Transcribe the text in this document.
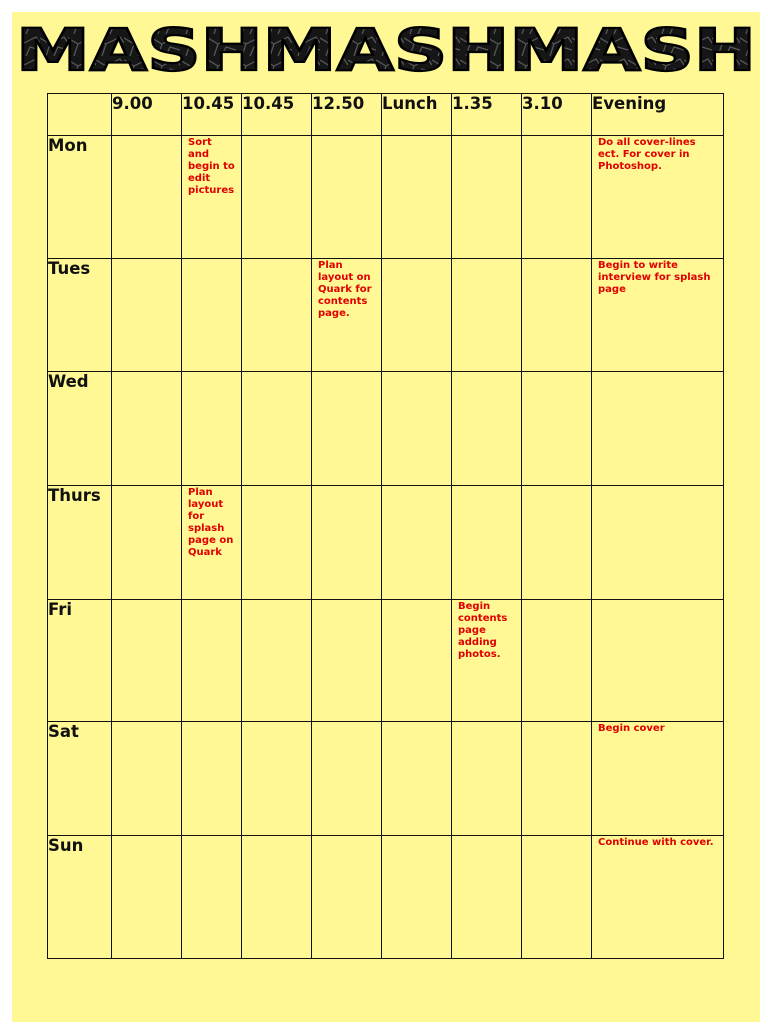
MASHMASHMASH
	9.00	10.45	10.45	12.50	Lunch	1.35	3.10	Evening
Mon		Sort and begin to edit pictures						Do all cover-lines ect. For cover in Photoshop.

Tues				Plan layout on Quark for contents page.				Begin to write interview for splash page

Wed	

Thurs		Plan layout for splash page on Quark						

Fri						Begin contents page adding photos.		

Sat								Begin cover

Sun								Continue with cover.
